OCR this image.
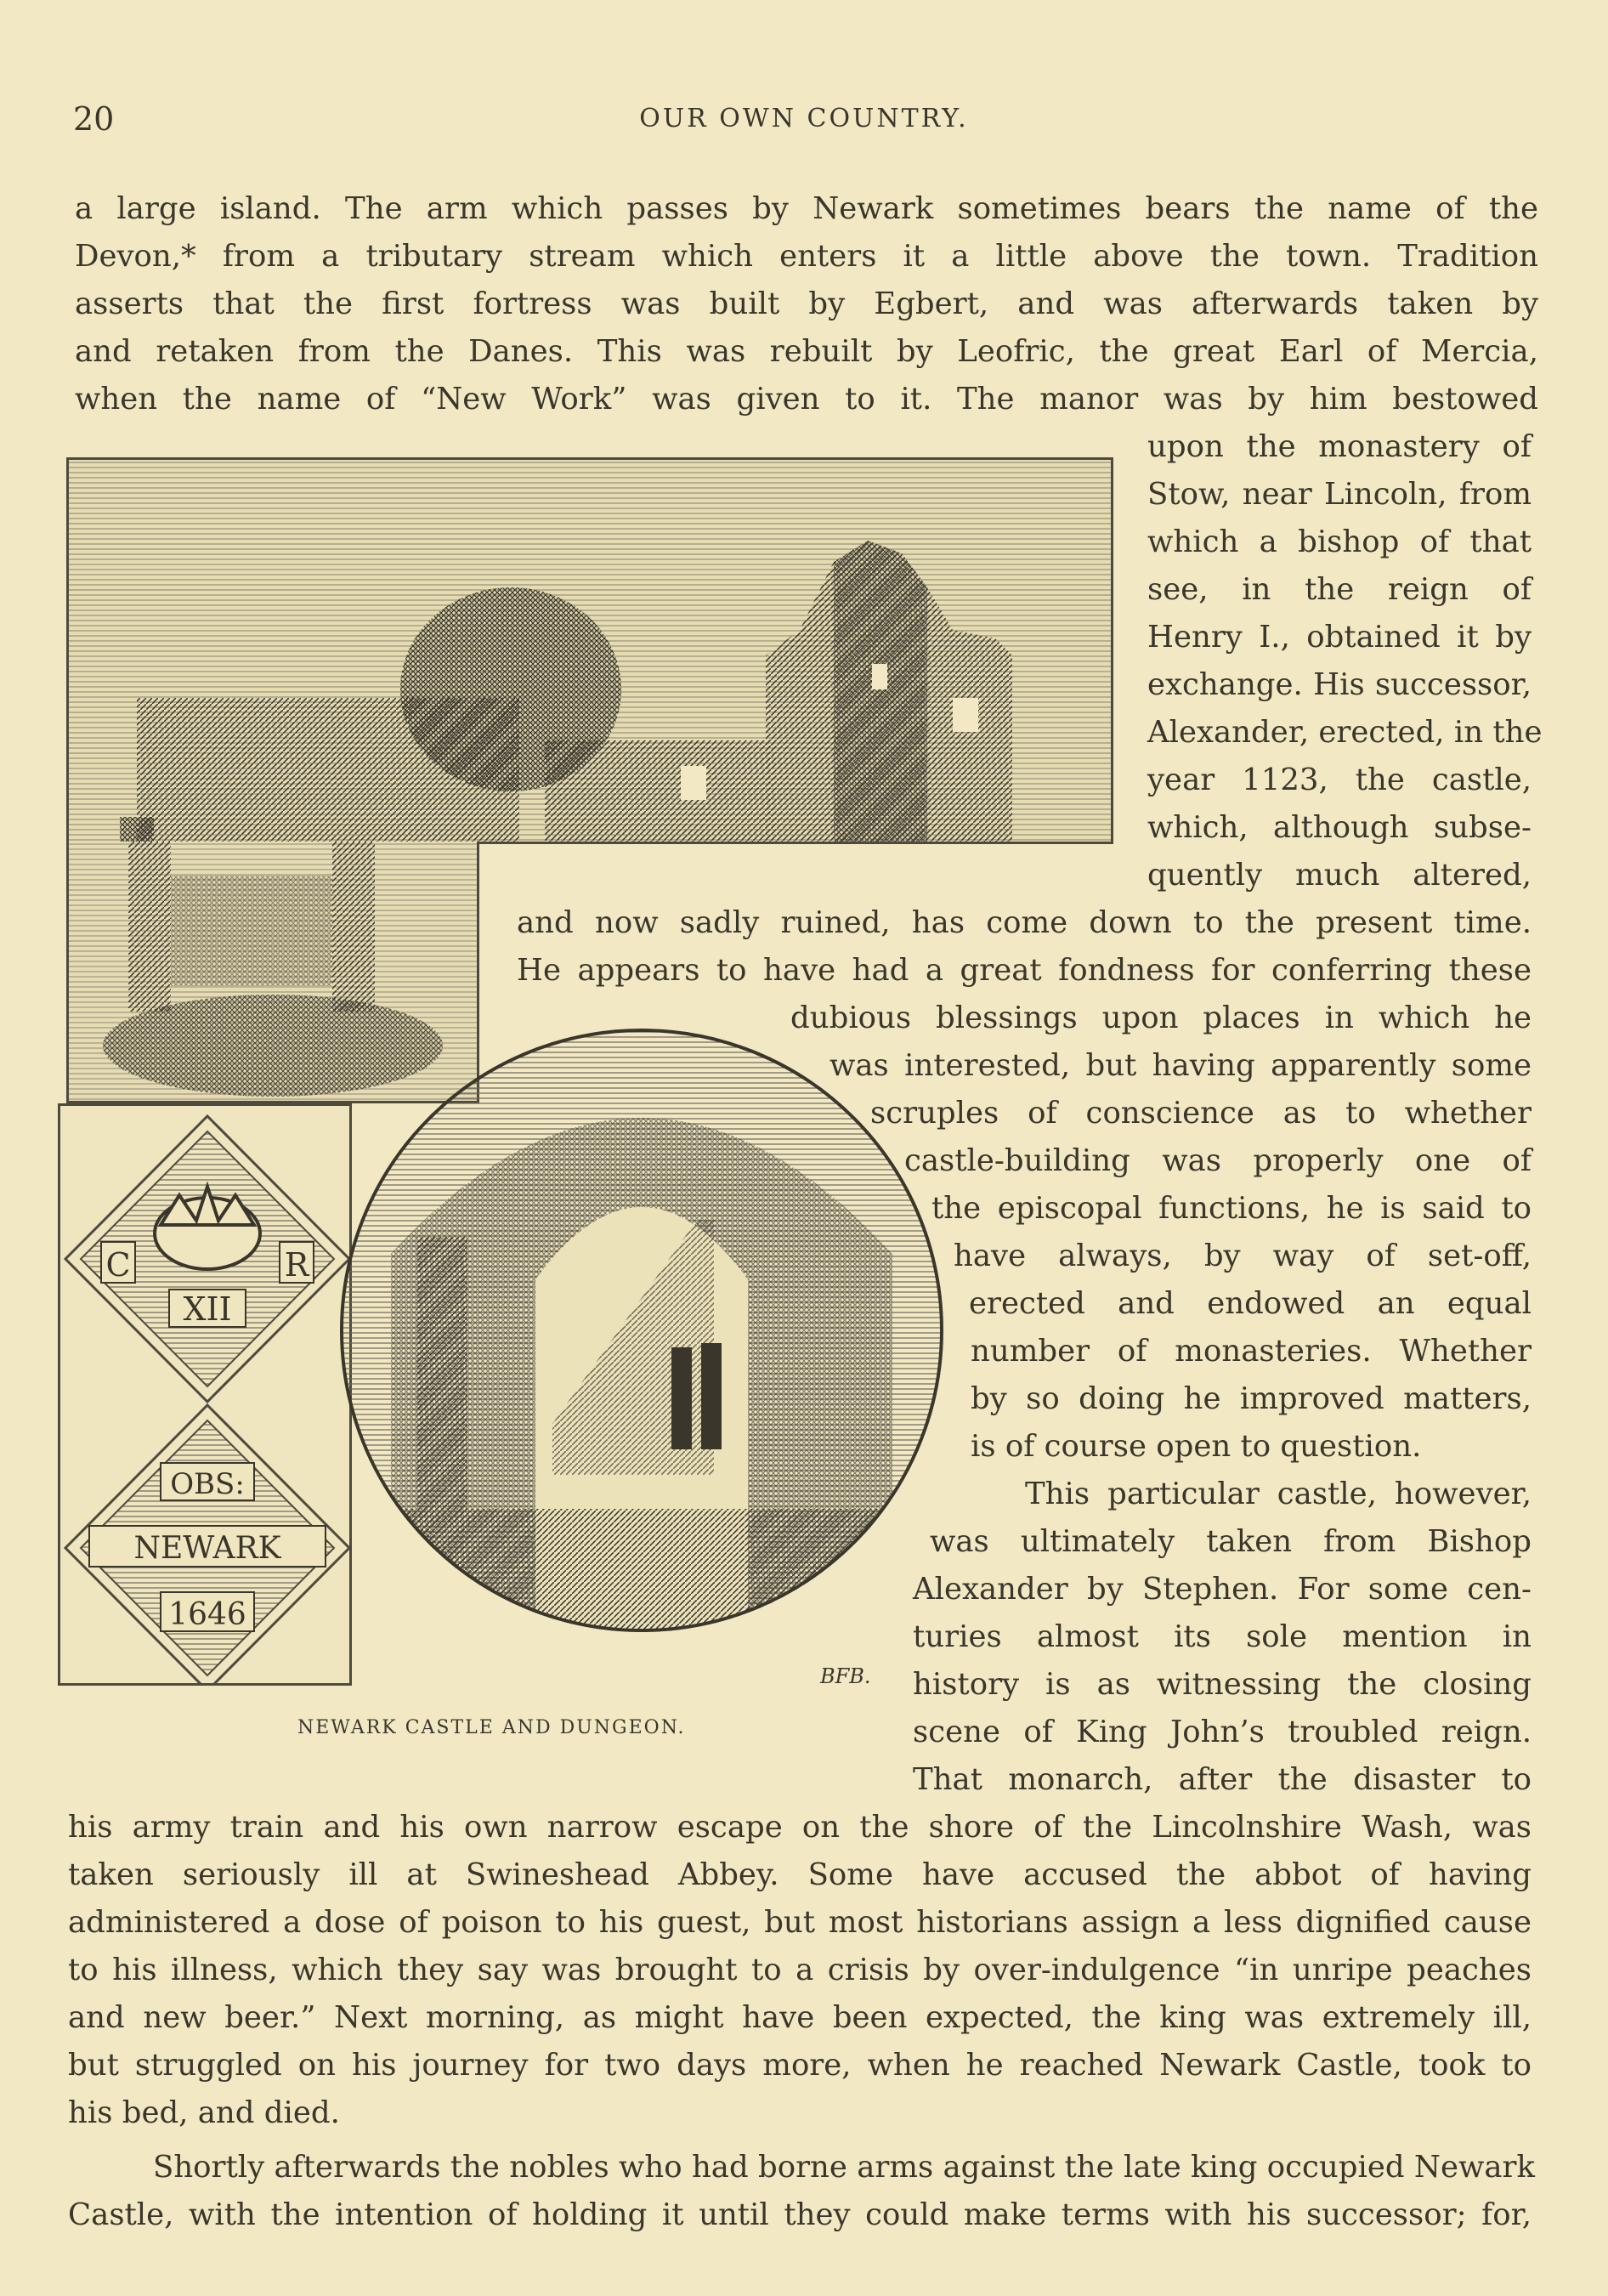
20	OUR OWN COUNTRY.
a large island. The arm which passes by Newark sometimes bears the name of the
Devon,* from a tributary stream which enters it a little above the town. Tradition
asserts that the first fortress was built by Egbert, and was afterwards taken by
and retaken from the Danes. This was rebuilt by Leofric, the great Earl of Mercia,
when the name of “New Work” was given to it. The manor was by him bestowed
upon the monastery of
Stow, near Lincoln, from
which a bishop of that
see, in the reign of
Henry I., obtained it by
exchange. His successor,
Alexander, erected, in the
year 1123, the castle,
which, although subse-
quently much altered,
and now sadly ruined, has come down to the present time.
He appears to have had a great fondness for conferring these
dubious blessings upon places in which he
was interested, but having apparently some
scruples of conscience as to whether
castle-building was properly one of
the episcopal functions, he is said to
have always, by way of set-off,
erected and endowed an equal
number of monasteries. Whether
by so doing he improved matters,
is of course open to question.
This particular castle, however,
was ultimately taken from Bishop
Alexander by Stephen. For some cen-
turies almost its sole mention in
history is as witnessing the closing
scene of King John’s troubled reign.
That monarch, after the disaster to
his army train and his own narrow escape on the shore of the Lincolnshire Wash, was
taken seriously ill at Swineshead Abbey. Some have accused the abbot of having
administered a dose of poison to his guest, but most historians assign a less dignified cause
to his illness, which they say was brought to a crisis by over-indulgence “in unripe peaches
and new beer.” Next morning, as might have been expected, the king was extremely ill,
but struggled on his journey for two days more, when he reached Newark Castle, took to
his bed, and died.
Shortly afterwards the nobles who had borne arms against the late king occupied Newark
Castle, with the intention of holding it until they could make terms with his successor; for,
C	R
XII
OBS:
NEWARK
1646
BFB.
NEWARK CASTLE AND DUNGEON.
